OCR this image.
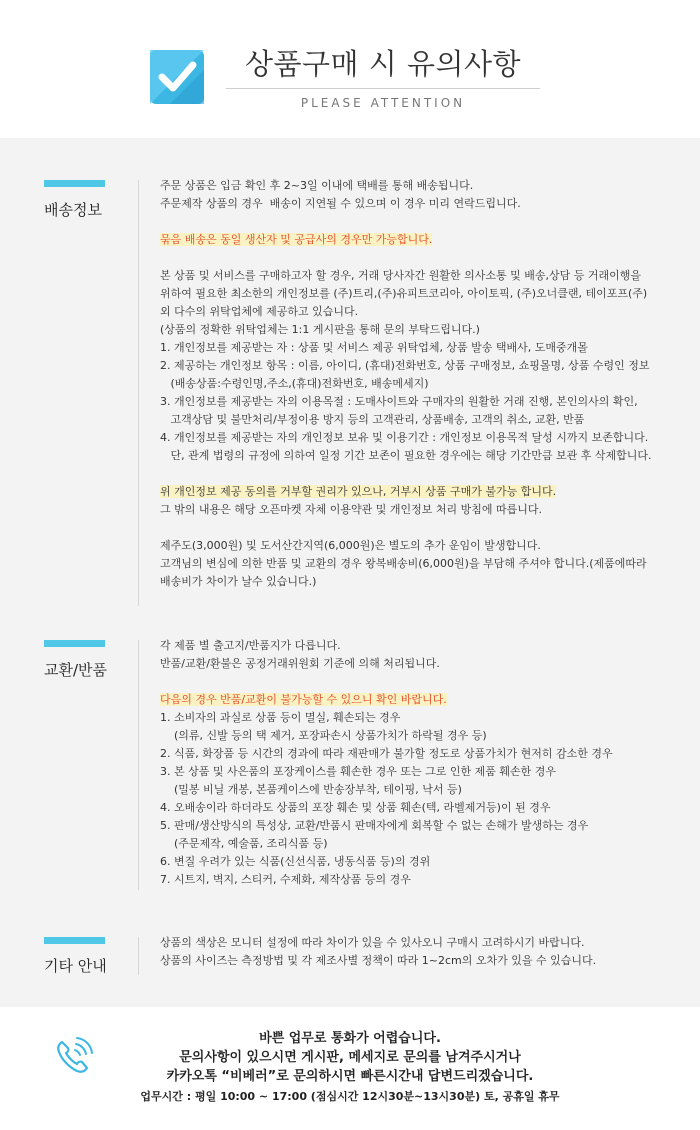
상품구매 시 유의사항
PLEASE ATTENTION
배송정보
주문 상품은 입금 확인 후 2~3일 이내에 택배를 통해 배송됩니다.
주문제작 상품의 경우  배송이 지연될 수 있으며 이 경우 미리 연락드립니다.
묶음 배송은 동일 생산자 및 공급사의 경우만 가능합니다.
본 상품 및 서비스를 구매하고자 할 경우, 거래 당사자간 원활한 의사소통 및 배송,상담 등 거래이행을
위하여 필요한 최소한의 개인정보를 (주)트리,(주)유피트코리아, 아이토픽, (주)오너클랜, 테이포프(주)
외 다수의 위탁업체에 제공하고 있습니다.
(상품의 정확한 위탁업체는 1:1 게시판을 통해 문의 부탁드립니다.)
1. 개인정보를 제공받는 자 : 상품 및 서비스 제공 위탁업체, 상품 발송 택배사, 도매중개몰
2. 제공하는 개인정보 항목 : 이름, 아이디, (휴대)전화번호, 상품 구매정보, 쇼핑몰명, 상품 수령인 정보
(배송상품:수령인명,주소,(휴대)전화번호, 배송메세지)
3. 개인정보를 제공받는 자의 이용목절 : 도매사이트와 구매자의 원활한 거래 진행, 본인의사의 확인,
고객상담 및 불만처리/부정이용 방지 등의 고객관리, 상품배송, 고객의 취소, 교환, 반품
4. 개인정보를 제공받는 자의 개인정보 보유 및 이용기간 : 개인정보 이용목적 달성 시까지 보존합니다.
단, 관계 법령의 규정에 의하여 일정 기간 보존이 필요한 경우에는 해당 기간만큼 보관 후 삭제합니다.
위 개인정보 제공 동의를 거부할 권리가 있으나, 거부시 상품 구매가 불가능 합니다.
그 밖의 내용은 해당 오픈마켓 자체 이용약관 및 개인정보 처리 방침에 따릅니다.
제주도(3,000원) 및 도서산간지역(6,000원)은 별도의 추가 운임이 발생합니다.
고객님의 변심에 의한 반품 및 교환의 경우 왕복배송비(6,000원)을 부담해 주셔야 합니다.(제품에따라
배송비가 차이가 날수 있습니다.)
교환/반품
각 제품 별 출고지/반품지가 다릅니다.
반품/교환/환불은 공정거래위원회 기준에 의해 처리됩니다.
다음의 경우 반품/교환이 불가능할 수 있으니 확인 바랍니다.
1. 소비자의 과실로 상품 등이 멸실, 훼손되는 경우
(의류, 신발 등의 택 제거, 포장파손시 상품가치가 하락될 경우 등)
2. 식품, 화장품 등 시간의 경과에 따라 재판매가 불가할 정도로 상품가치가 현저히 감소한 경우
3. 본 상품 및 사은품의 포장케이스를 훼손한 경우 또는 그로 인한 제품 훼손한 경우
(밀봉 비닐 개봉, 본품케이스에 반송장부착, 테이핑, 낙서 등)
4. 오배송이라 하더라도 상품의 포장 훼손 및 상품 훼손(텍, 라벨제거등)이 된 경우
5. 판매/생산방식의 특성상, 교환/반품시 판매자에게 회복할 수 없는 손해가 발생하는 경우
(주문제작, 예술품, 조리식품 등)
6. 변질 우려가 있는 식품(신선식품, 냉동식품 등)의 경위
7. 시트지, 벽지, 스티커, 수제화, 제작상품 등의 경우
기타 안내
상품의 색상은 모니터 설정에 따라 차이가 있을 수 있사오니 구매시 고려하시기 바랍니다.
상품의 사이즈는 측정방법 및 각 제조사별 정책이 따라 1~2cm의 오차가 있을 수 있습니다.
바쁜 업무로 통화가 어렵습니다.
문의사항이 있으시면 게시판, 메세지로 문의를 남겨주시거나
카카오톡 “비베러”로 문의하시면 빠른시간내 답변드리겠습니다.
업무시간 : 평일 10:00 ~ 17:00 (점심시간 12시30분~13시30분) 토, 공휴일 휴무
